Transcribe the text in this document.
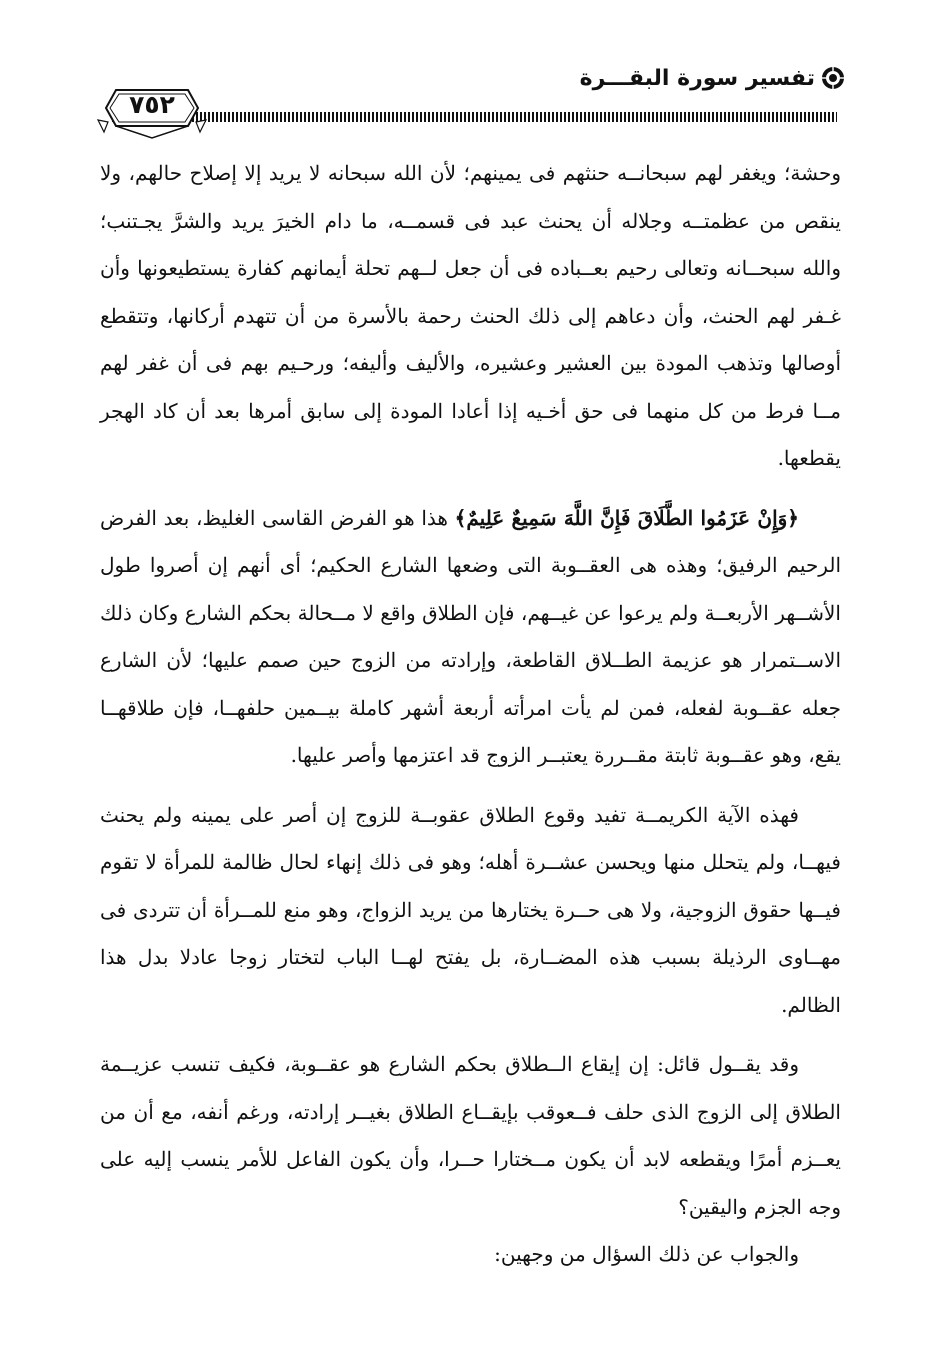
تفسير سورة البقـــرة
٧٥٢

وحشة؛ ويغفر لهم سبحانــه حنثهم فى يمينهم؛ لأن الله سبحانه لا يريد إلا إصلاح حالهم، ولا ينقص من عظمتــه وجلاله أن يحنث عبد فى قسمــه، ما دام الخيرَ يريد والشرَّ يجـتنب؛ والله سبحــانه وتعالى رحيم بعــباده فى أن جعل لــهم تحلة أيمانهم كفارة يستطيعونها وأن غـفر لهم الحنث، وأن دعاهم إلى ذلك الحنث رحمة بالأسرة من أن تتهدم أركانها، وتتقطع أوصالها وتذهب المودة بين العشير وعشيره، والأليف وأليفه؛ ورحـيم بهم فى أن غفر لهم مــا فرط من كل منهما فى حق أخـيه إذا أعادا المودة إلى سابق أمرها بعد أن كاد الهجر يقطعها.

﴿وَإِنْ عَزَمُوا الطَّلَاقَ فَإِنَّ اللَّهَ سَمِيعٌ عَلِيمٌ﴾ هذا هو الفرض القاسى الغليظ، بعد الفرض الرحيم الرفيق؛ وهذه هى العقــوبة التى وضعها الشارع الحكيم؛ أى أنهم إن أصروا طول الأشــهر الأربعــة ولم يرعوا عن غيــهم، فإن الطلاق واقع لا مــحالة بحكم الشارع وكان ذلك الاســتمرار هو عزيمة الطــلاق القاطعة، وإرادته من الزوج حين صمم عليها؛ لأن الشارع جعله عقــوبة لفعله، فمن لم يأت امرأته أربعة أشهر كاملة بيــمين حلفهــا، فإن طلاقهــا يقع، وهو عقــوبة ثابتة مقــررة يعتبــر الزوج قد اعتزمها وأصر عليها.

فهذه الآية الكريمــة تفيد وقوع الطلاق عقوبــة للزوج إن أصر على يمينه ولم يحنث فيهــا، ولم يتحلل منها ويحسن عشــرة أهله؛ وهو فى ذلك إنهاء لحال ظالمة للمرأة لا تقوم فيــها حقوق الزوجية، ولا هى حــرة يختارها من يريد الزواج، وهو منع للمــرأة أن تتردى فى مهــاوى الرذيلة بسبب هذه المضــارة، بل يفتح لهــا الباب لتختار زوجا عادلا بدل هذا الظالم.

وقد يقــول قائل: إن إيقاع الــطلاق بحكم الشارع هو عقــوبة، فكيف تنسب عزيــمة الطلاق إلى الزوج الذى حلف فــعوقب بإيقــاع الطلاق بغيــر إرادته، ورغم أنفه، مع أن من يعــزم أمرًا ويقطعه لابد أن يكون مــختارا حــرا، وأن يكون الفاعل للأمر ينسب إليه على وجه الجزم واليقين؟

والجواب عن ذلك السؤال من وجهين:
